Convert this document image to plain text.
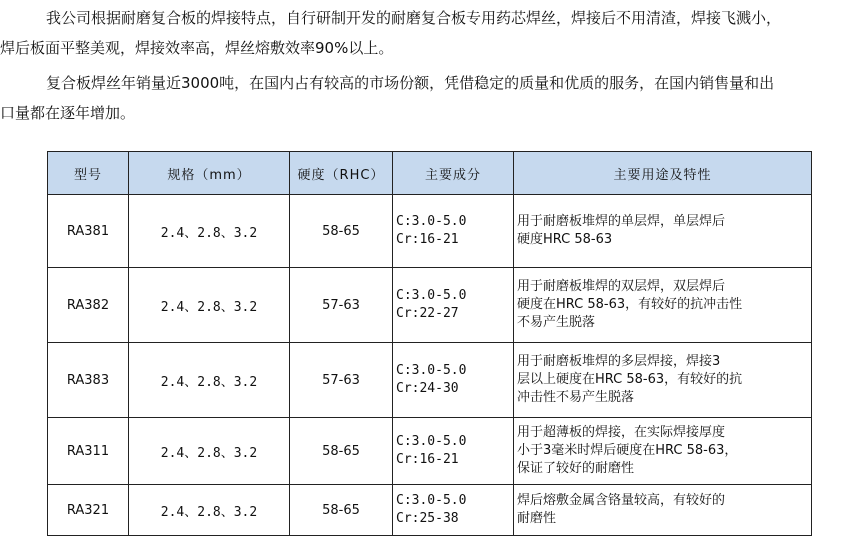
我公司根据耐磨复合板的焊接特点，自行研制开发的耐磨复合板专用药芯焊丝，焊接后不用清渣，焊接飞溅小，
焊后板面平整美观，焊接效率高，焊丝熔敷效率90%以上。

复合板焊丝年销量近3000吨，在国内占有较高的市场份额，凭借稳定的质量和优质的服务，在国内销售量和出
口量都在逐年增加。

型号	规格（mm）	硬度（RHC）	主要成分	主要用途及特性
RA381	2.4、2.8、3.2	58-65	C:3.0-5.0
Cr:16-21	用于耐磨板堆焊的单层焊，单层焊后
硬度HRC 58-63

RA382	2.4、2.8、3.2	57-63	C:3.0-5.0
Cr:22-27	用于耐磨板堆焊的双层焊，双层焊后
硬度在HRC 58-63，有较好的抗冲击性
不易产生脱落

RA383	2.4、2.8、3.2	57-63	C:3.0-5.0
Cr:24-30	用于耐磨板堆焊的多层焊接，焊接3
层以上硬度在HRC 58-63，有较好的抗
冲击性不易产生脱落

RA311	2.4、2.8、3.2	58-65	C:3.0-5.0
Cr:16-21	用于超薄板的焊接，在实际焊接厚度
小于3毫米时焊后硬度在HRC 58-63，
保证了较好的耐磨性

RA321	2.4、2.8、3.2	58-65	C:3.0-5.0
Cr:25-38	焊后熔敷金属含铬量较高，有较好的
耐磨性
